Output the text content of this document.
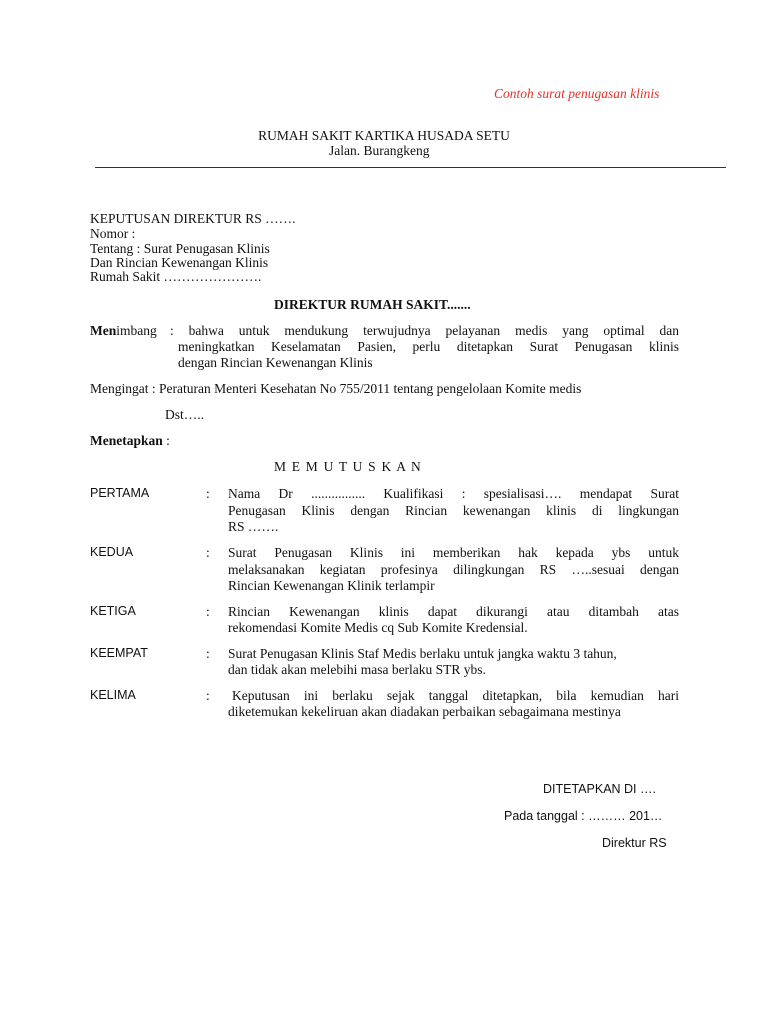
Contoh surat penugasan klinis
RUMAH SAKIT KARTIKA HUSADA SETU
Jalan. Burangkeng
KEPUTUSAN DIREKTUR RS …….
Nomor :
Tentang : Surat Penugasan Klinis
Dan Rincian Kewenangan Klinis
Rumah Sakit ………………….
DIREKTUR RUMAH SAKIT.......
Menimbang : bahwa untuk mendukung terwujudnya pelayanan medis yang optimal dan
meningkatkan Keselamatan Pasien, perlu ditetapkan Surat Penugasan klinis
dengan Rincian Kewenangan Klinis
Mengingat : Peraturan Menteri Kesehatan No 755/2011 tentang pengelolaan Komite medis
Dst…..
Menetapkan :
M E M U T U S K A N
PERTAMA	: Nama Dr ................ Kualifikasi : spesialisasi…. mendapat Surat
Penugasan Klinis dengan Rincian kewenangan klinis di lingkungan
RS …….
KEDUA	: Surat Penugasan Klinis ini memberikan hak kepada ybs untuk
melaksanakan kegiatan profesinya dilingkungan RS …..sesuai dengan
Rincian Kewenangan Klinik terlampir
KETIGA	: Rincian Kewenangan klinis dapat dikurangi atau ditambah atas
rekomendasi Komite Medis cq Sub Komite Kredensial.
KEEMPAT	: Surat Penugasan Klinis Staf Medis berlaku untuk jangka waktu 3 tahun,
dan tidak akan melebihi masa berlaku STR ybs.
KELIMA	: Keputusan ini berlaku sejak tanggal ditetapkan, bila kemudian hari
diketemukan kekeliruan akan diadakan perbaikan sebagaimana mestinya
DITETAPKAN DI ….
Pada tanggal : ……… 201…
Direktur RS
